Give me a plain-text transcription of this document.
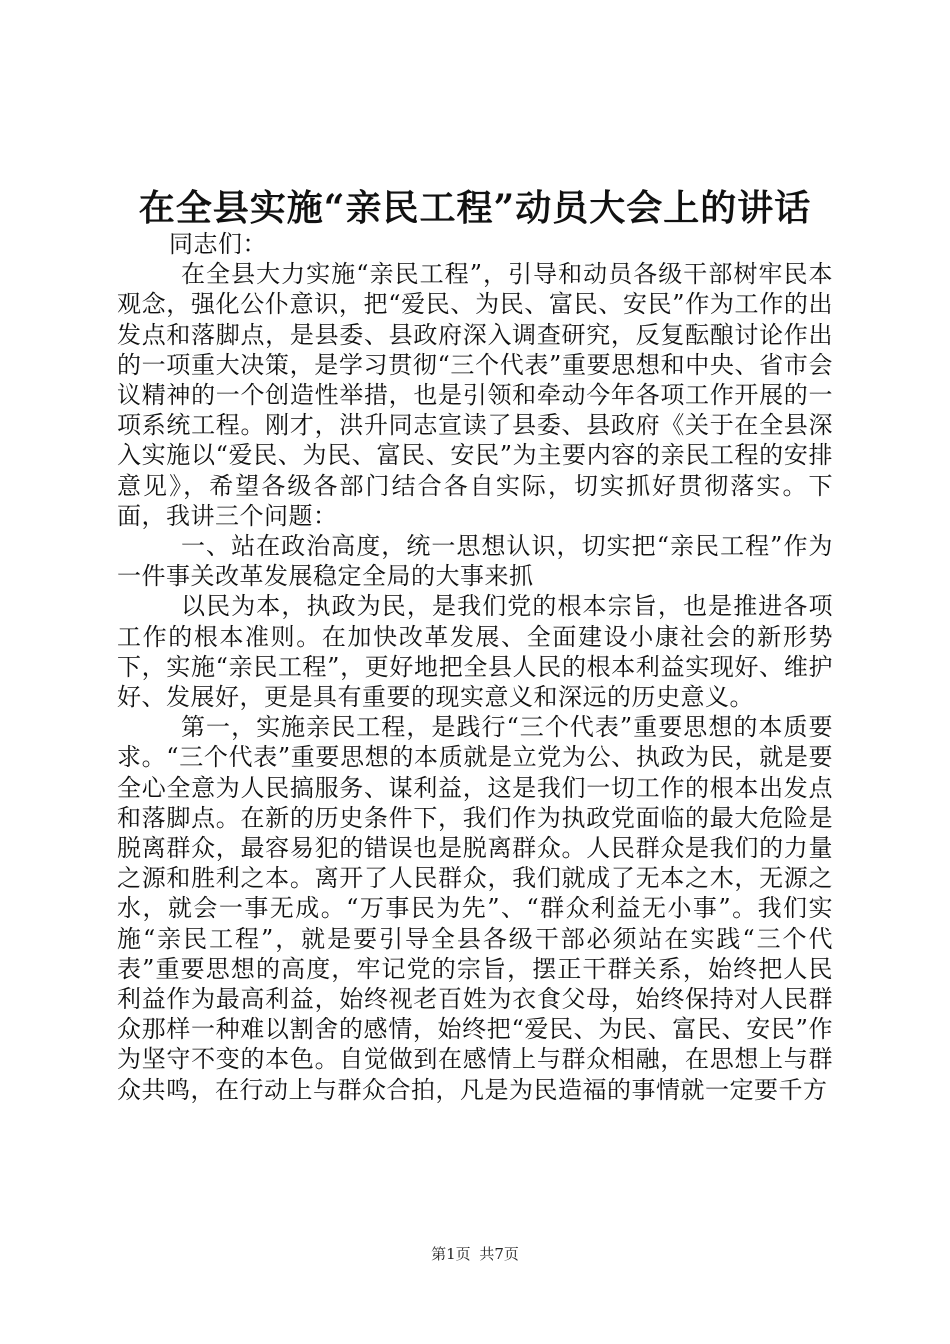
在全县实施“亲民工程”动员大会上的讲话

同志们：

在全县大力实施“亲民工程”，引导和动员各级干部树牢民本观念，强化公仆意识，把“爱民、为民、富民、安民”作为工作的出发点和落脚点，是县委、县政府深入调查研究，反复酝酿讨论作出的一项重大决策，是学习贯彻“三个代表”重要思想和中央、省市会议精神的一个创造性举措，也是引领和牵动今年各项工作开展的一项系统工程。刚才，洪升同志宣读了县委、县政府《关于在全县深入实施以“爱民、为民、富民、安民”为主要内容的亲民工程的安排意见》，希望各级各部门结合各自实际，切实抓好贯彻落实。下面，我讲三个问题：

一、站在政治高度，统一思想认识，切实把“亲民工程”作为一件事关改革发展稳定全局的大事来抓

以民为本，执政为民，是我们党的根本宗旨，也是推进各项工作的根本准则。在加快改革发展、全面建设小康社会的新形势下，实施“亲民工程”，更好地把全县人民的根本利益实现好、维护好、发展好，更是具有重要的现实意义和深远的历史意义。

第一，实施亲民工程，是践行“三个代表”重要思想的本质要求。“三个代表”重要思想的本质就是立党为公、执政为民，就是要全心全意为人民搞服务、谋利益，这是我们一切工作的根本出发点和落脚点。在新的历史条件下，我们作为执政党面临的最大危险是脱离群众，最容易犯的错误也是脱离群众。人民群众是我们的力量之源和胜利之本。离开了人民群众，我们就成了无本之木，无源之水，就会一事无成。“万事民为先”、“群众利益无小事”。我们实施“亲民工程”，就是要引导全县各级干部必须站在实践“三个代表”重要思想的高度，牢记党的宗旨，摆正干群关系，始终把人民利益作为最高利益，始终视老百姓为衣食父母，始终保持对人民群众那样一种难以割舍的感情，始终把“爱民、为民、富民、安民”作为坚守不变的本色。自觉做到在感情上与群众相融，在思想上与群众共鸣，在行动上与群众合拍，凡是为民造福的事情就一定要千方

第1页 共7页
